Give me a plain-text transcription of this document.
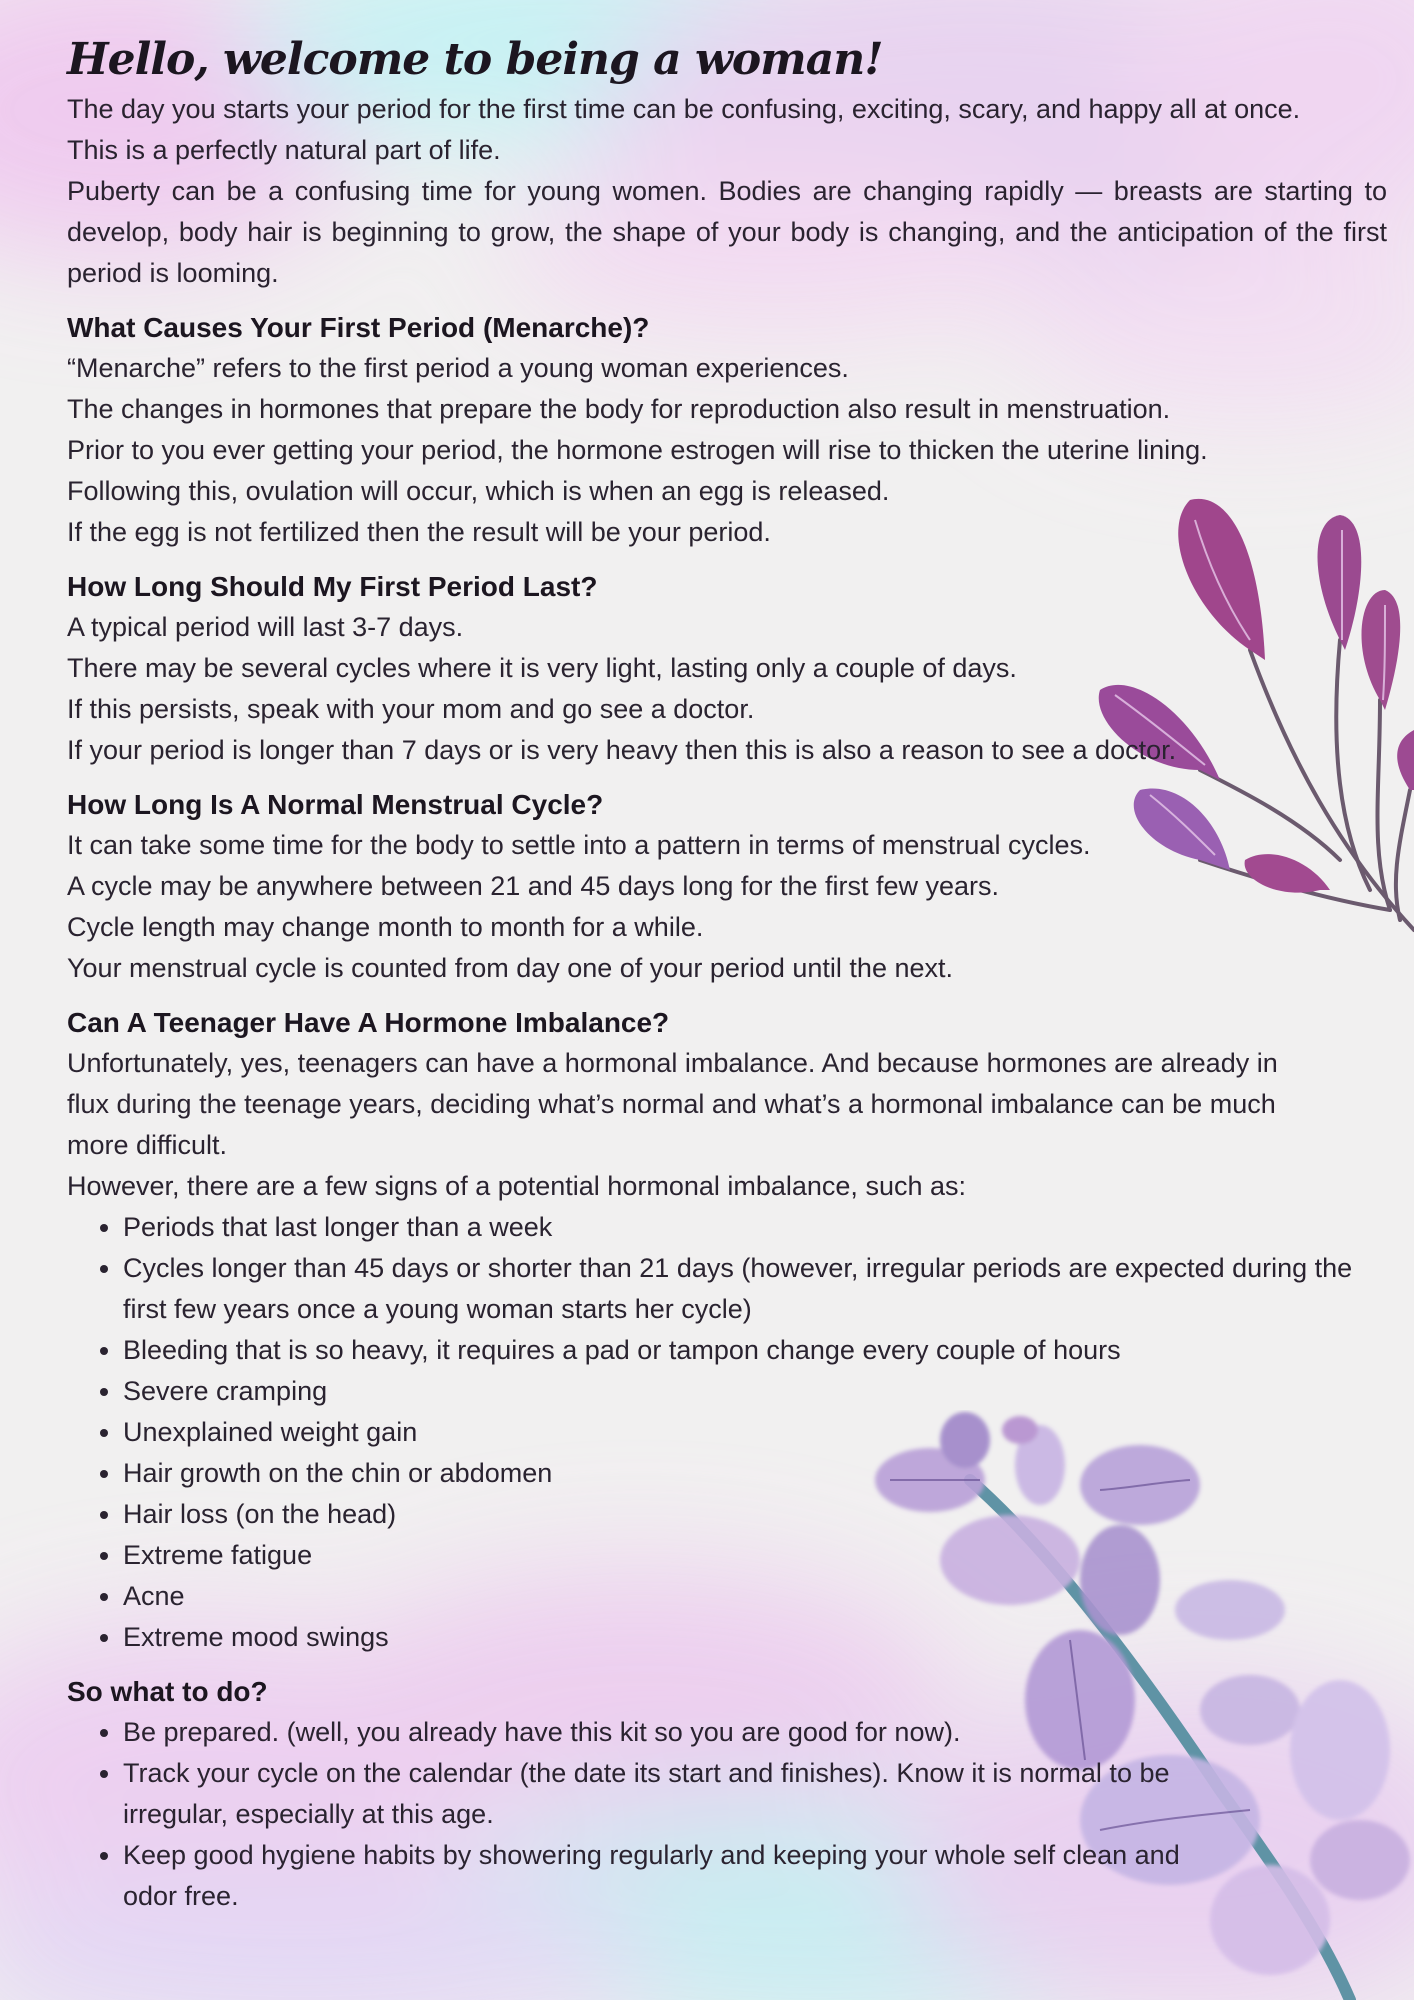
Hello, welcome to being a woman!

The day you starts your period for the first time can be confusing, exciting, scary, and happy all at once.

This is a perfectly natural part of life.

Puberty can be a confusing time for young women. Bodies are changing rapidly — breasts are starting to develop, body hair is beginning to grow, the shape of your body is changing, and the anticipation of the first period is looming.

What Causes Your First Period (Menarche)?

“Menarche” refers to the first period a young woman experiences.

The changes in hormones that prepare the body for reproduction also result in menstruation.

Prior to you ever getting your period, the hormone estrogen will rise to thicken the uterine lining.

Following this, ovulation will occur, which is when an egg is released.

If the egg is not fertilized then the result will be your period.

How Long Should My First Period Last?

A typical period will last 3-7 days.

There may be several cycles where it is very light, lasting only a couple of days.

If this persists, speak with your mom and go see a doctor.

If your period is longer than 7 days or is very heavy then this is also a reason to see a doctor.

How Long Is A Normal Menstrual Cycle?

It can take some time for the body to settle into a pattern in terms of menstrual cycles.

A cycle may be anywhere between 21 and 45 days long for the first few years.

Cycle length may change month to month for a while.

Your menstrual cycle is counted from day one of your period until the next.

Can A Teenager Have A Hormone Imbalance?

Unfortunately, yes, teenagers can have a hormonal imbalance. And because hormones are already in flux during the teenage years, deciding what’s normal and what’s a hormonal imbalance can be much more difficult.

However, there are a few signs of a potential hormonal imbalance, such as:

• Periods that last longer than a week
• Cycles longer than 45 days or shorter than 21 days (however, irregular periods are expected during the first few years once a young woman starts her cycle)
• Bleeding that is so heavy, it requires a pad or tampon change every couple of hours
• Severe cramping
• Unexplained weight gain
• Hair growth on the chin or abdomen
• Hair loss (on the head)
• Extreme fatigue
• Acne
• Extreme mood swings
So what to do?
• Be prepared. (well, you already have this kit so you are good for now).
• Track your cycle on the calendar (the date its start and finishes). Know it is normal to be irregular, especially at this age.
• Keep good hygiene habits by showering regularly and keeping your whole self clean and odor free.
